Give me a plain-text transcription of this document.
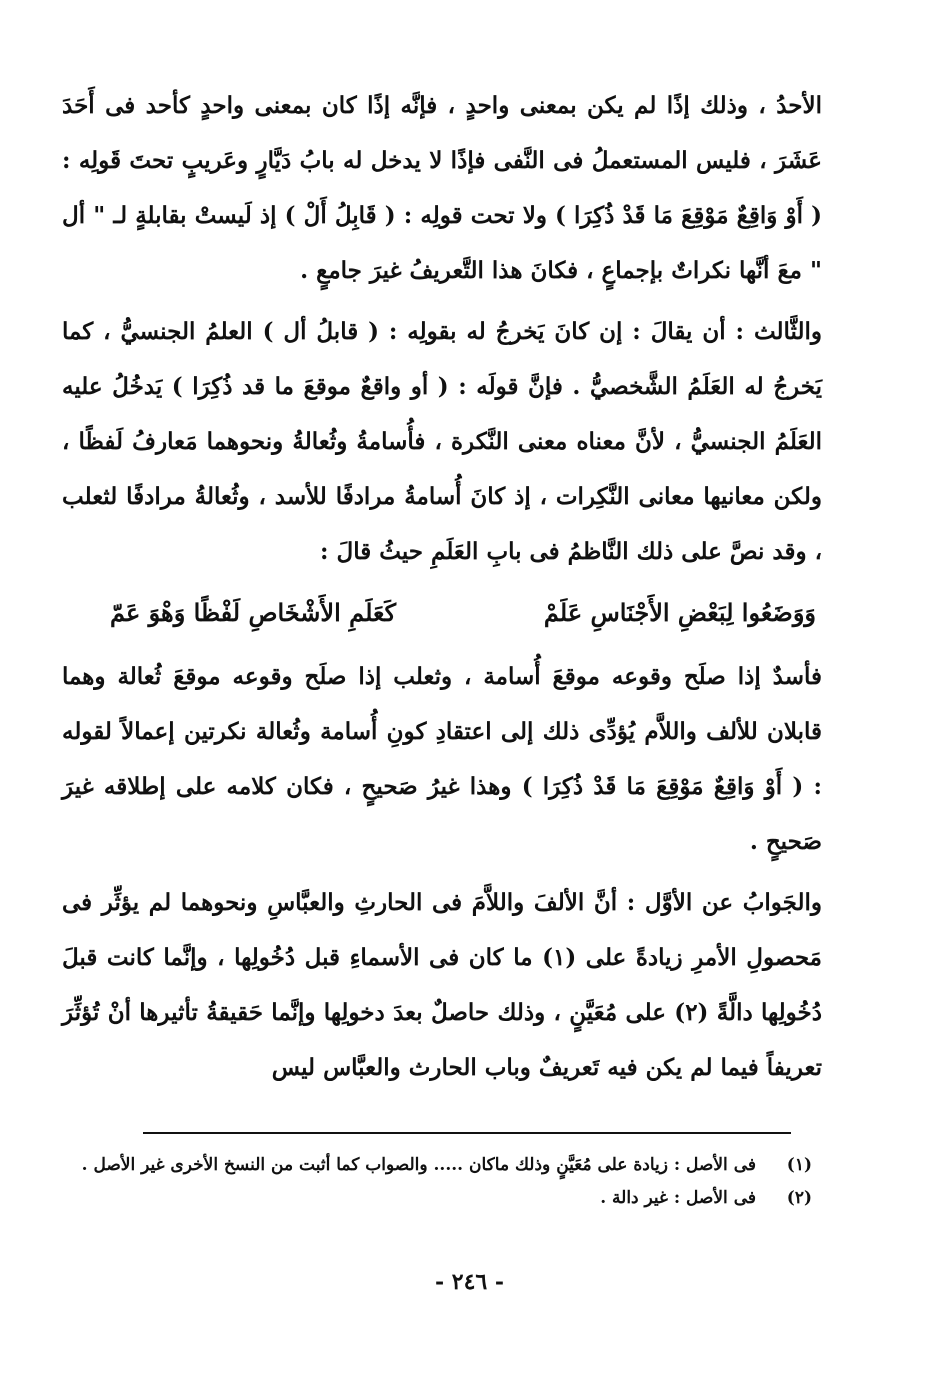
الأحدُ ، وذلك إذًا لم يكن بمعنى واحدٍ ، فإنَّه إذًا كان بمعنى واحدٍ كأحد فى أَحَدَ عَشَرَ ، فليس المستعملُ فى النَّفى فإذًا لا يدخل له بابُ دَيَّارٍ وعَريبٍ تحتَ قَولِه : ( أَوْ وَاقِعٌ مَوْقِعَ مَا قَدْ ذُكِرَا ) ولا تحت قولِه : ( قَابِلُ أَلْ ) إذ لَيستْ بقابلةٍ لـ " أل " معَ أنَّها نكراتٌ بإجماعٍ ، فكانَ هذا التَّعريفُ غيرَ جامعٍ .

والثَّالث : أن يقالَ : إن كانَ يَخرجُ له بقولِه : ( قابلُ أل ) العلمُ الجنسيُّ ، كما يَخرجُ له العَلَمُ الشَّخصيُّ . فإنَّ قولَه : ( أو واقعٌ موقعَ ما قد ذُكِرَا ) يَدخُلُ عليه العَلَمُ الجنسيُّ ، لأنَّ معناه معنى النَّكرة ، فأُسامةُ وثُعالةُ ونحوهما مَعارفُ لَفظًا ، ولكن معانيها معانى النَّكِرات ، إذ كانَ أُسامةُ مرادفًا للأسد ، وثُعالةُ مرادفًا لثعلب ، وقد نصَّ على ذلك النَّاظمُ فى بابِ العَلَمِ حيثُ قالَ :

وَوَضَعُوا لِبَعْضِ الأَجْنَاسِ عَلَمْ
كَعَلَمِ الأَشْخَاصِ لَفْظًا وَهْوَ عَمّ

فأسدٌ إذا صلَح وقوعه موقعَ أُسامة ، وثعلب إذا صلَح وقوعه موقعَ ثُعالة وهما قابلان للألف واللاَّم يُؤدِّى ذلك إلى اعتقادِ كونِ أُسامة وثُعالة نكرتين إعمالاً لقوله : ( أَوْ وَاقِعٌ مَوْقِعَ مَا قَدْ ذُكِرَا ) وهذا غيرُ صَحيحٍ ، فكان كلامه على إطلاقه غيرَ صَحيحٍ .

والجَوابُ عن الأوَّل : أنَّ الألفَ واللاَّمَ فى الحارثِ والعبَّاسِ ونحوهما لم يؤثِّر فى مَحصولِ الأمرِ زيادةً على (١) ما كان فى الأسماءِ قبل دُخُولِها ، وإنَّما كانت قبلَ دُخُولِها دالَّةً (٢) على مُعَيَّنٍ ، وذلك حاصلٌ بعدَ دخولِها وإنَّما حَقيقةُ تأثيرها أنْ تُؤثِّرَ تعريفاً فيما لم يكن فيه تَعريفٌ وباب الحارث والعبَّاس ليس

(١)
فى الأصل : زيادة على مُعَيَّنٍ وذلك ماكان ..... والصواب كما أثبت من النسخ الأخرى غير الأصل .
(٢)
فى الأصل : غير دالة .
- ٢٤٦ -
